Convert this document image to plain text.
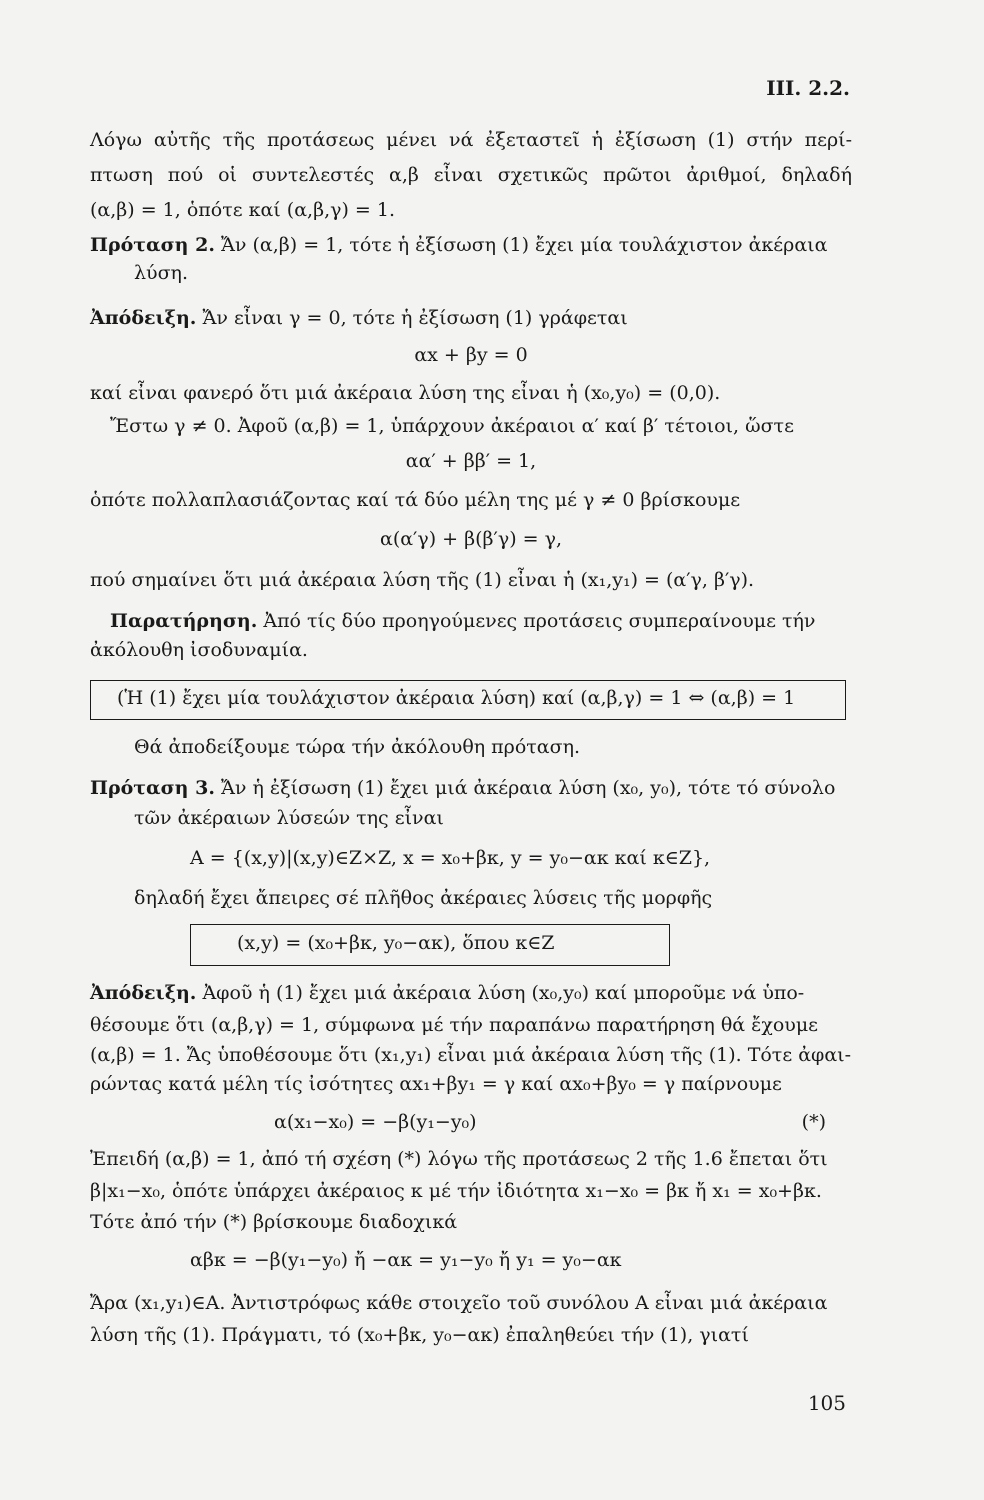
ΙΙΙ. 2.2.
Λόγω αὐτῆς τῆς προτάσεως μένει νά ἐξεταστεῖ ἡ ἐξίσωση (1) στήν περί-
πτωση πού οἱ συντελεστές α,β εἶναι σχετικῶς πρῶτοι ἀριθμοί, δηλαδή
(α,β) = 1, ὁπότε καί (α,β,γ) = 1.
Πρόταση 2. Ἄν (α,β) = 1, τότε ἡ ἐξίσωση (1) ἔχει μία τουλάχιστον ἀκέραια
λύση.
Ἀπόδειξη. Ἄν εἶναι γ = 0, τότε ἡ ἐξίσωση (1) γράφεται
αx + βy = 0
καί εἶναι φανερό ὅτι μιά ἀκέραια λύση της εἶναι ἡ (x₀,y₀) = (0,0).
Ἔστω γ ≠ 0. Ἀφοῦ (α,β) = 1, ὑπάρχουν ἀκέραιοι α′ καί β′ τέτοιοι, ὥστε
αα′ + ββ′ = 1,
ὁπότε πολλαπλασιάζοντας καί τά δύο μέλη της μέ γ ≠ 0 βρίσκουμε
α(α′γ) + β(β′γ) = γ,
πού σημαίνει ὅτι μιά ἀκέραια λύση τῆς (1) εἶναι ἡ (x₁,y₁) = (α′γ, β′γ).
Παρατήρηση. Ἀπό τίς δύο προηγούμενες προτάσεις συμπεραίνουμε τήν
ἀκόλουθη ἰσοδυναμία.
(Ἡ (1) ἔχει μία τουλάχιστον ἀκέραια λύση) καί (α,β,γ) = 1 ⇔ (α,β) = 1
Θά ἀποδείξουμε τώρα τήν ἀκόλουθη πρόταση.
Πρόταση 3. Ἄν ἡ ἐξίσωση (1) ἔχει μιά ἀκέραια λύση (x₀, y₀), τότε τό σύνολο
τῶν ἀκέραιων λύσεών της εἶναι
A = {(x,y)|(x,y)∈Z×Z, x = x₀+βκ, y = y₀−ακ καί κ∈Z},
δηλαδή ἔχει ἄπειρες σέ πλῆθος ἀκέραιες λύσεις τῆς μορφῆς
(x,y) = (x₀+βκ, y₀−ακ), ὅπου κ∈Z
Ἀπόδειξη. Ἀφοῦ ἡ (1) ἔχει μιά ἀκέραια λύση (x₀,y₀) καί μποροῦμε νά ὑπο-
θέσουμε ὅτι (α,β,γ) = 1, σύμφωνα μέ τήν παραπάνω παρατήρηση θά ἔχουμε
(α,β) = 1. Ἄς ὑποθέσουμε ὅτι (x₁,y₁) εἶναι μιά ἀκέραια λύση τῆς (1). Τότε ἀφαι-
ρώντας κατά μέλη τίς ἰσότητες αx₁+βy₁ = γ καί αx₀+βy₀ = γ παίρνουμε
α(x₁−x₀) = −β(y₁−y₀)	(*)
Ἐπειδή (α,β) = 1, ἀπό τή σχέση (*) λόγω τῆς προτάσεως 2 τῆς 1.6 ἔπεται ὅτι
β|x₁−x₀, ὁπότε ὑπάρχει ἀκέραιος κ μέ τήν ἰδιότητα x₁−x₀ = βκ ἤ x₁ = x₀+βκ.
Τότε ἀπό τήν (*) βρίσκουμε διαδοχικά
αβκ = −β(y₁−y₀) ἤ −ακ = y₁−y₀ ἤ y₁ = y₀−ακ
Ἄρα (x₁,y₁)∈A. Ἀντιστρόφως κάθε στοιχεῖο τοῦ συνόλου A εἶναι μιά ἀκέραια
λύση τῆς (1). Πράγματι, τό (x₀+βκ, y₀−ακ) ἐπαληθεύει τήν (1), γιατί
105
